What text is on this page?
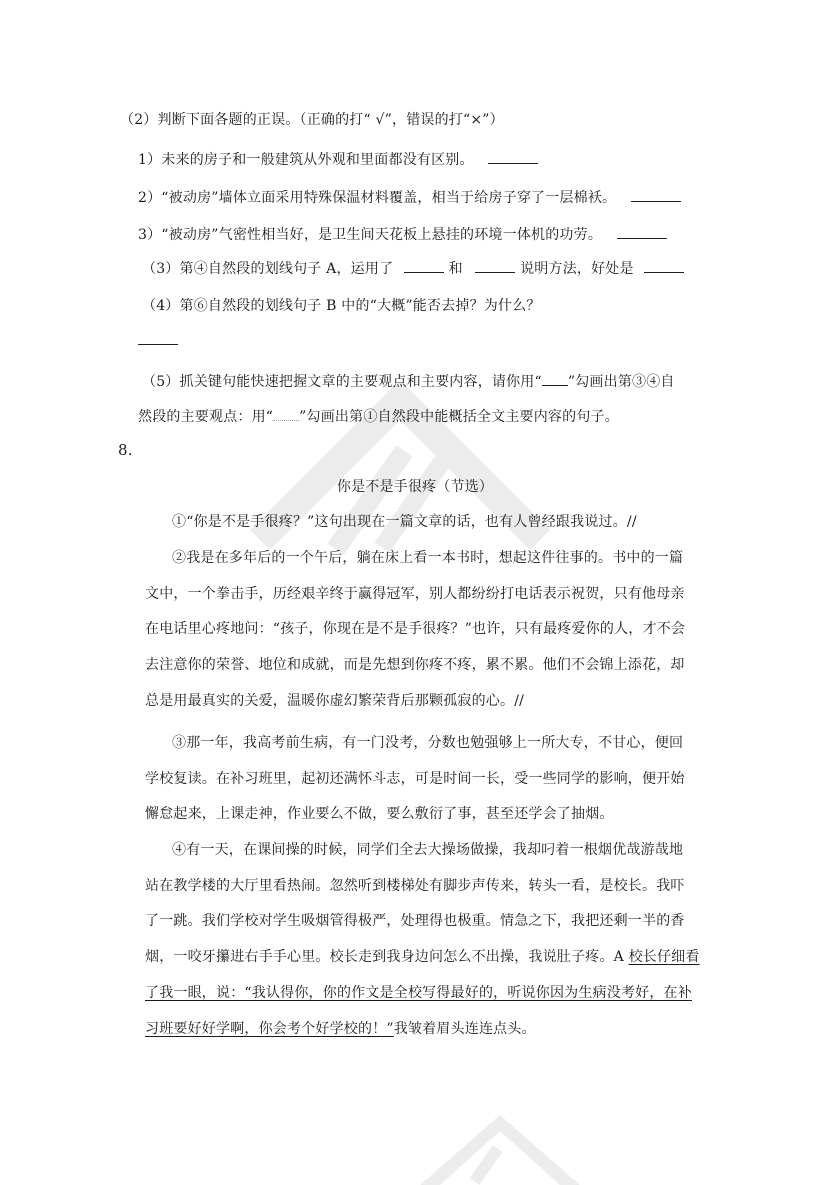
（2）判断下面各题的正误。（正确的打“ √”，错误的打“×”）
1）未来的房子和一般建筑从外观和里面都没有区别。
2）“被动房”墙体立面采用特殊保温材料覆盖，相当于给房子穿了一层棉袄。
3）“被动房”气密性相当好，是卫生间天花板上悬挂的环境一体机的功劳。
（3）第④自然段的划线句子 A，运用了	和	说明方法，好处是
（4）第⑥自然段的划线句子 B 中的“大概”能否去掉？为什么？
（5）抓关键句能快速把握文章的主要观点和主要内容，请你用“ ”勾画出第③④自
然段的主要观点：用“ ”勾画出第①自然段中能概括全文主要内容的句子。
8.
你是不是手很疼（节选）
①“你是不是手很疼？”这句出现在一篇文章的话，也有人曾经跟我说过。//
②我是在多年后的一个午后，躺在床上看一本书时，想起这件往事的。书中的一篇
文中，一个拳击手，历经艰辛终于赢得冠军，别人都纷纷打电话表示祝贺，只有他母亲
在电话里心疼地问：“孩子，你现在是不是手很疼？”也许，只有最疼爱你的人，才不会
去注意你的荣誉、地位和成就，而是先想到你疼不疼，累不累。他们不会锦上添花，却
总是用最真实的关爱，温暖你虚幻繁荣背后那颗孤寂的心。//
③那一年，我高考前生病，有一门没考，分数也勉强够上一所大专，不甘心，便回
学校复读。在补习班里，起初还满怀斗志，可是时间一长，受一些同学的影响，便开始
懈怠起来，上课走神，作业要么不做，要么敷衍了事，甚至还学会了抽烟。
④有一天，在课间操的时候，同学们全去大操场做操，我却叼着一根烟优哉游哉地
站在教学楼的大厅里看热闹。忽然听到楼梯处有脚步声传来，转头一看，是校长。我吓
了一跳。我们学校对学生吸烟管得极严，处理得也极重。情急之下，我把还剩一半的香
烟，一咬牙攥进右手手心里。校长走到我身边问怎么不出操，我说肚子疼。A 校长仔细看
了我一眼，说：“我认得你，你的作文是全校写得最好的，听说你因为生病没考好，在补
习班要好好学啊，你会考个好学校的！”我皱着眉头连连点头。
